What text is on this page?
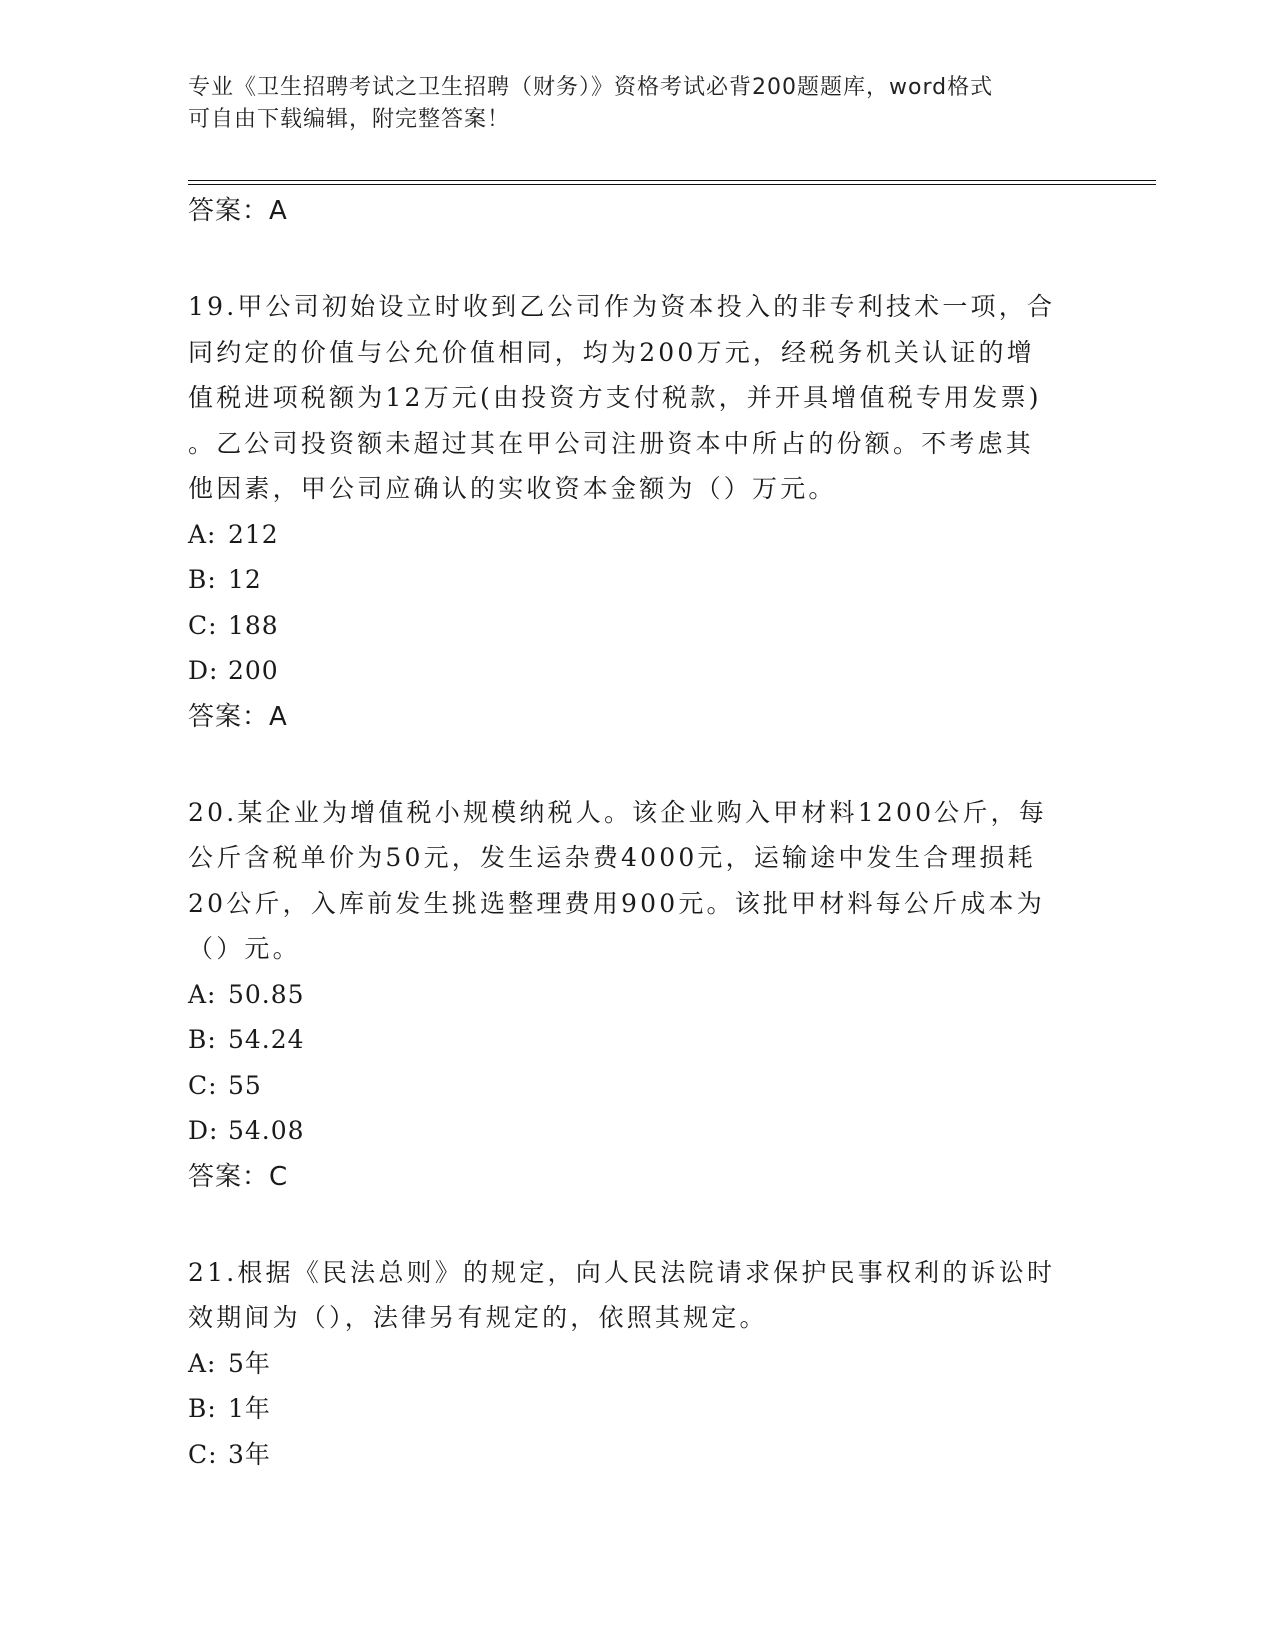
专业《卫生招聘考试之卫生招聘（财务）》资格考试必背200题题库，word格式
可自由下载编辑，附完整答案！
答案：A
19.甲公司初始设立时收到乙公司作为资本投入的非专利技术一项，合
同约定的价值与公允价值相同，均为200万元，经税务机关认证的增
值税进项税额为12万元(由投资方支付税款，并开具增值税专用发票)
。乙公司投资额未超过其在甲公司注册资本中所占的份额。不考虑其
他因素，甲公司应确认的实收资本金额为（）万元。
A: 212
B: 12
C: 188
D: 200
答案：A
20.某企业为增值税小规模纳税人。该企业购入甲材料1200公斤，每
公斤含税单价为50元，发生运杂费4000元，运输途中发生合理损耗
20公斤，入库前发生挑选整理费用900元。该批甲材料每公斤成本为
（）元。
A: 50.85
B: 54.24
C: 55
D: 54.08
答案：C
21.根据《民法总则》的规定，向人民法院请求保护民事权利的诉讼时
效期间为（），法律另有规定的，依照其规定。
A: 5年
B: 1年
C: 3年
